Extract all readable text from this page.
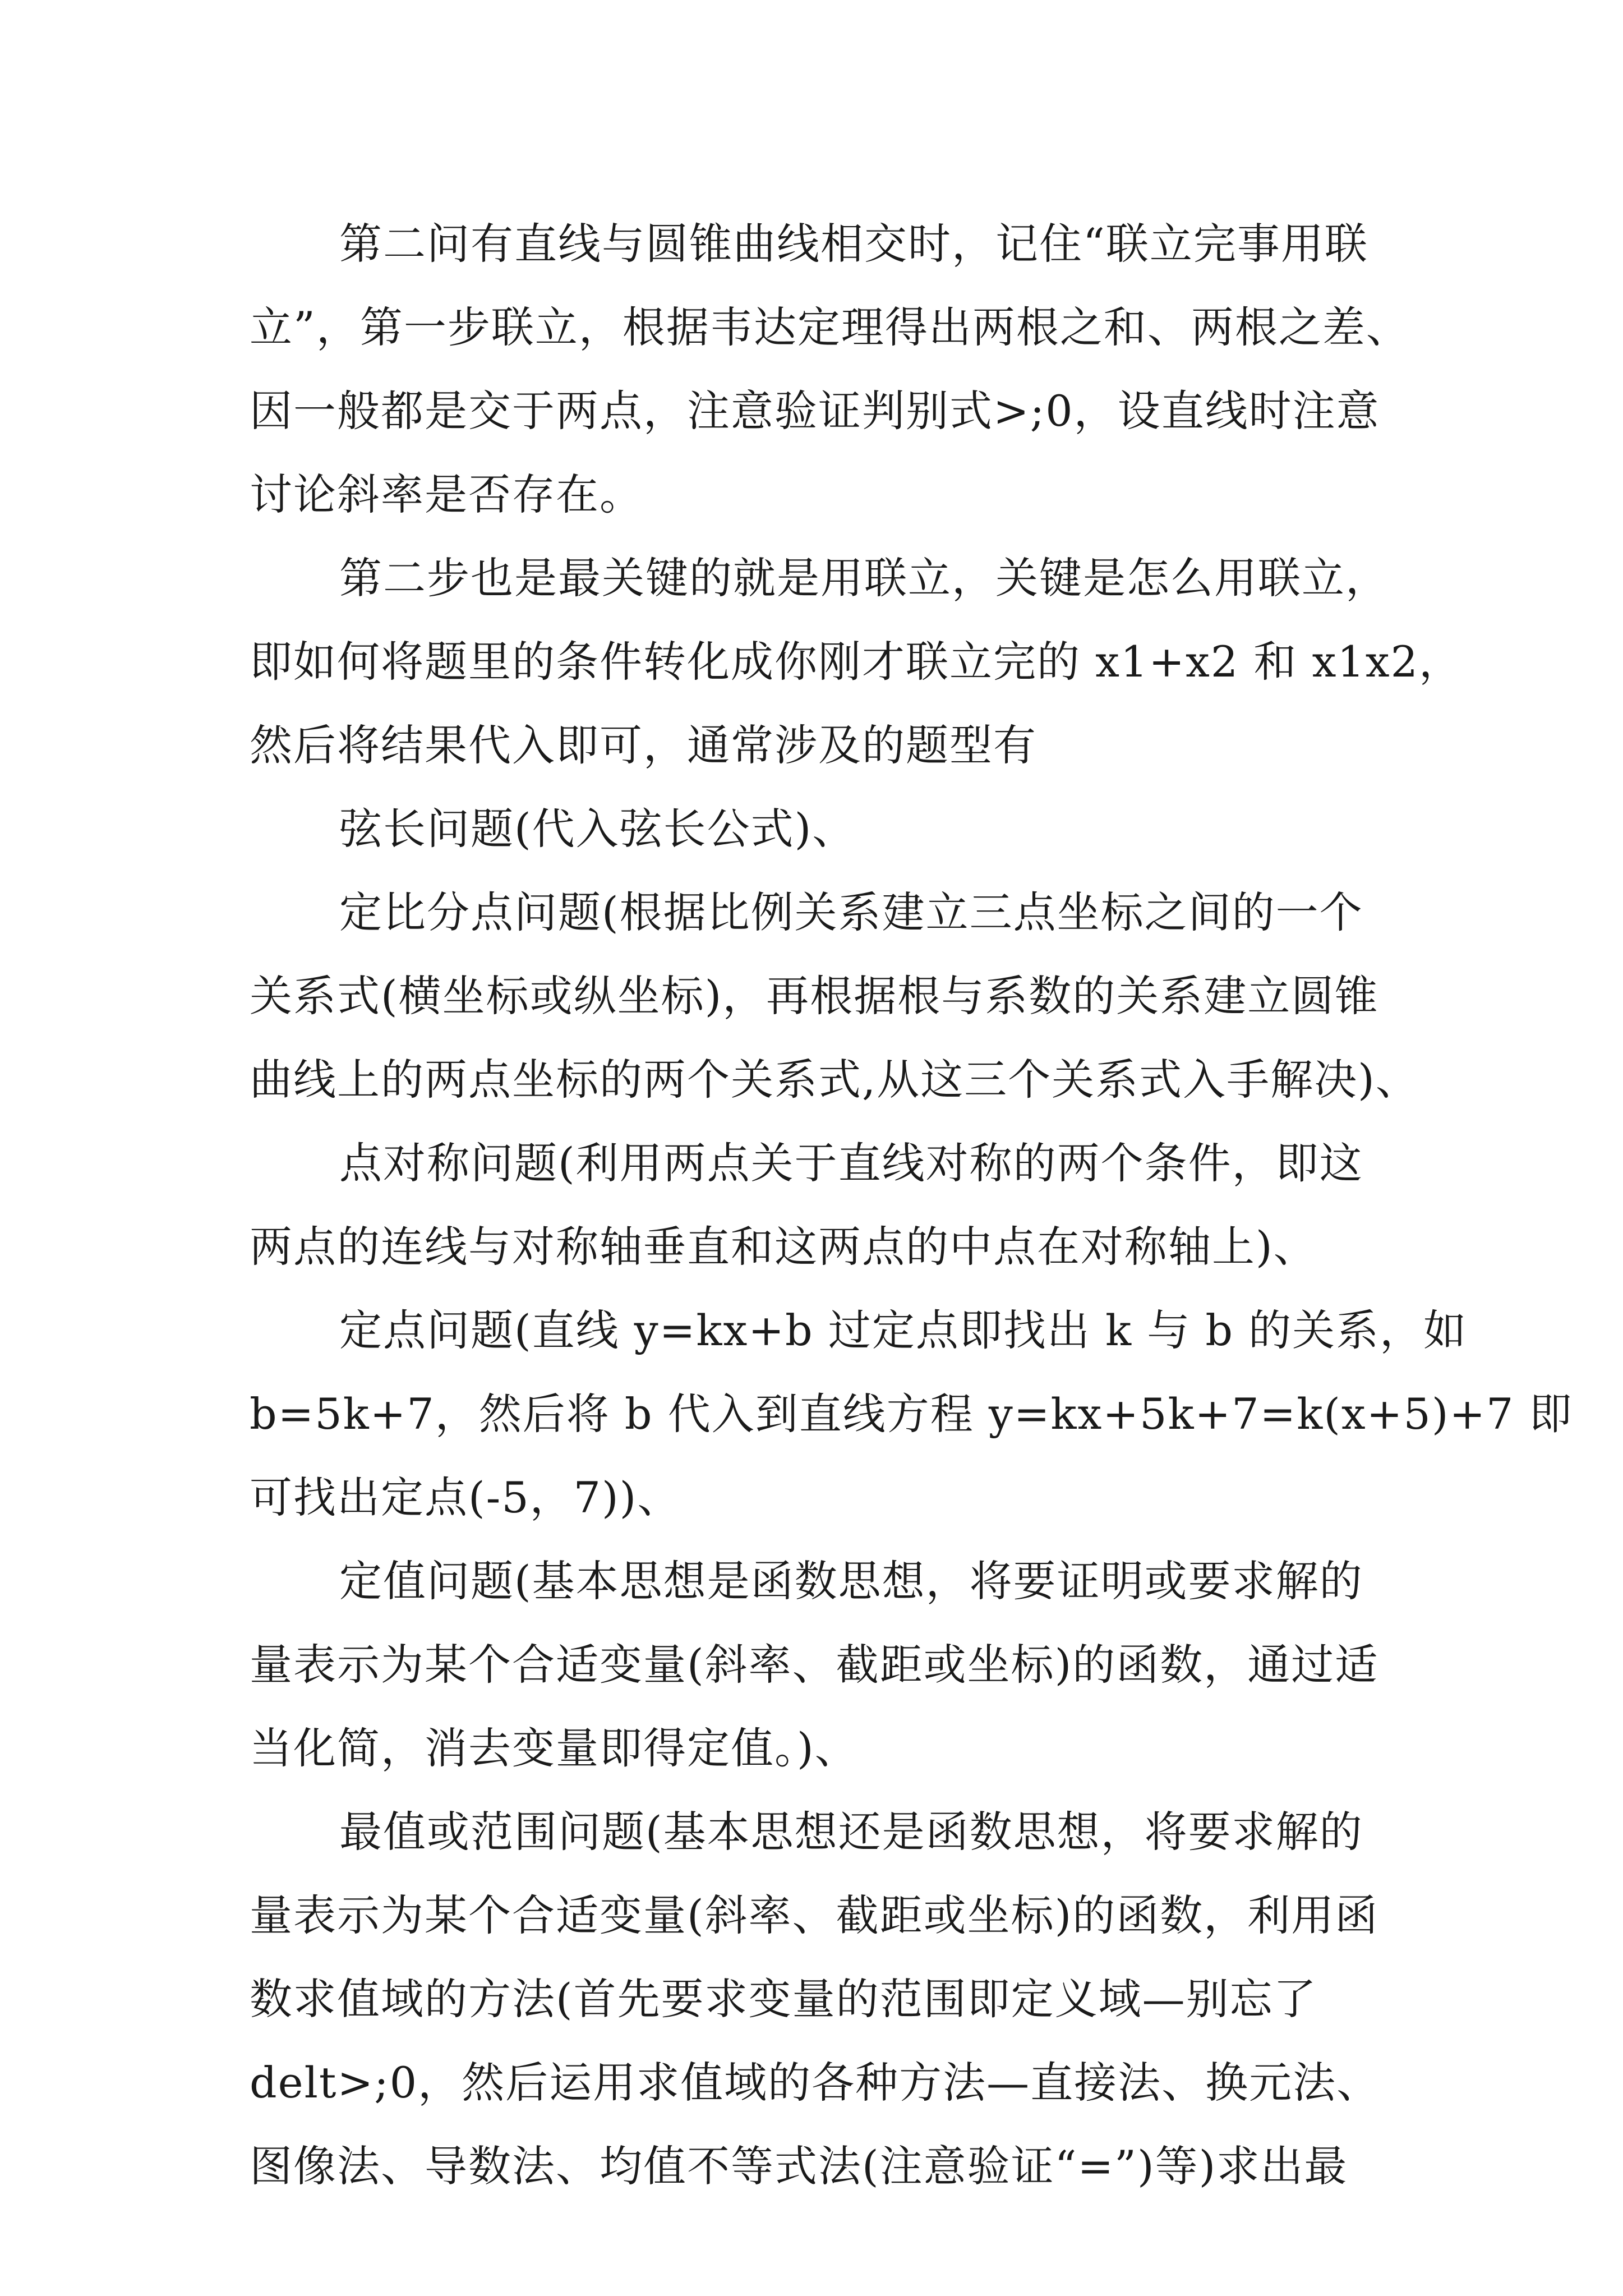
第二问有直线与圆锥曲线相交时，记住“联立完事用联
立”，第一步联立，根据韦达定理得出两根之和、两根之差、
因一般都是交于两点，注意验证判别式>;0，设直线时注意
讨论斜率是否存在。
第二步也是最关键的就是用联立，关键是怎么用联立，
即如何将题里的条件转化成你刚才联立完的 x1+x2 和 x1x2，
然后将结果代入即可，通常涉及的题型有
弦长问题(代入弦长公式)、
定比分点问题(根据比例关系建立三点坐标之间的一个
关系式(横坐标或纵坐标)，再根据根与系数的关系建立圆锥
曲线上的两点坐标的两个关系式,从这三个关系式入手解决)、
点对称问题(利用两点关于直线对称的两个条件，即这
两点的连线与对称轴垂直和这两点的中点在对称轴上)、
定点问题(直线 y=kx+b 过定点即找出 k 与 b 的关系，如
b=5k+7，然后将 b 代入到直线方程 y=kx+5k+7=k(x+5)+7 即
可找出定点(-5，7))、
定值问题(基本思想是函数思想，将要证明或要求解的
量表示为某个合适变量(斜率、截距或坐标)的函数，通过适
当化简，消去变量即得定值。)、
最值或范围问题(基本思想还是函数思想，将要求解的
量表示为某个合适变量(斜率、截距或坐标)的函数，利用函
数求值域的方法(首先要求变量的范围即定义域—别忘了
delt>;0，然后运用求值域的各种方法—直接法、换元法、
图像法、导数法、均值不等式法(注意验证“=”)等)求出最
